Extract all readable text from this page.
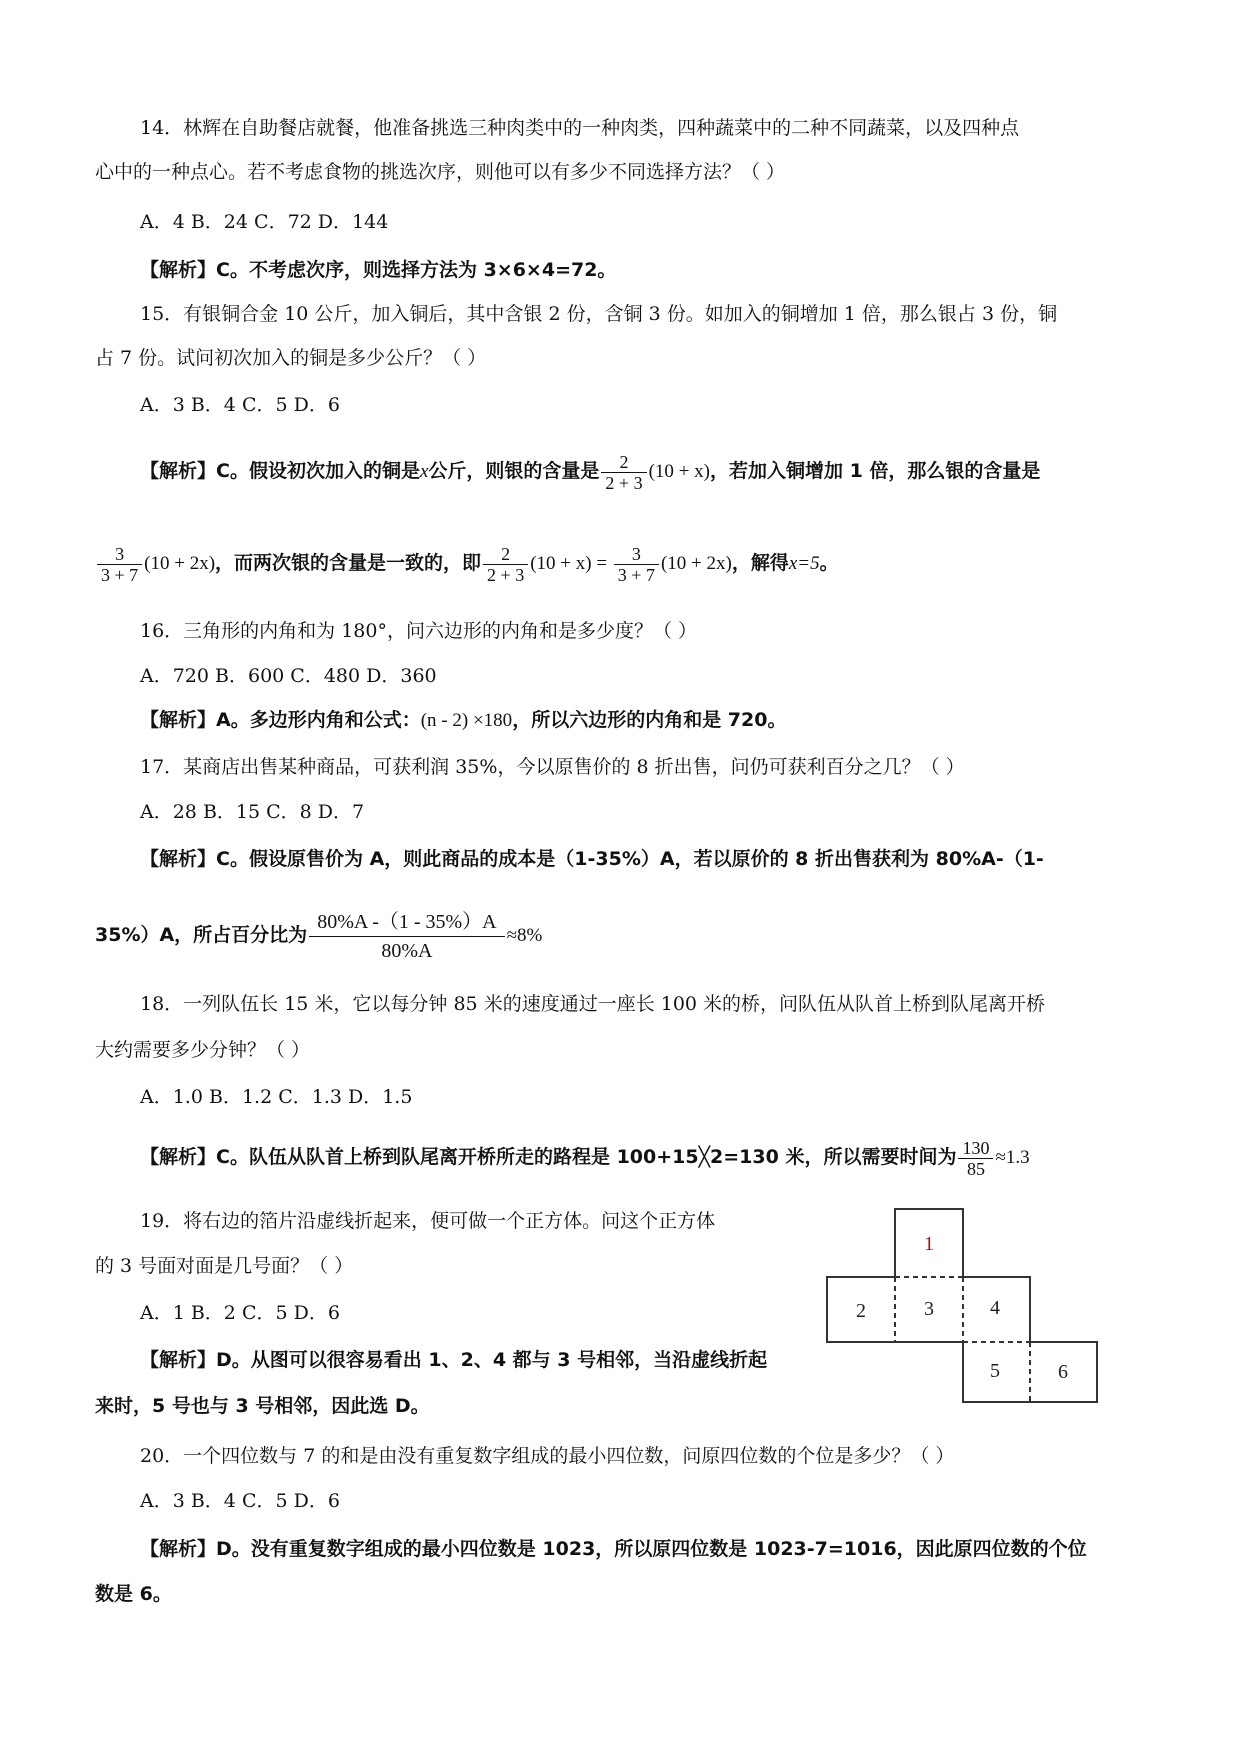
14．林辉在自助餐店就餐，他准备挑选三种肉类中的一种肉类，四种蔬菜中的二种不同蔬菜，以及四种点
心中的一种点心。若不考虑食物的挑选次序，则他可以有多少不同选择方法？（ ）
A．4 B．24 C．72 D．144
【解析】C。不考虑次序，则选择方法为 3×6×4=72。
15．有银铜合金 10 公斤，加入铜后，其中含银 2 份，含铜 3 份。如加入的铜增加 1 倍，那么银占 3 份，铜
占 7 份。试问初次加入的铜是多少公斤？（ ）
A．3 B．4 C．5 D．6
【解析】C。假设初次加入的铜是x公斤，则银的含量是 $\frac{2}{2 + 3} (10 + x)$，若加入铜增加 1 倍，那么银的含量是
$\frac{3}{3 + 7} (10 + 2x)$，而两次银的含量是一致的，即 $\frac{2}{2 + 3} (10 + x) = \frac{3}{3 + 7} (10 + 2x)$，解得x=5。
16．三角形的内角和为 180°，问六边形的内角和是多少度？（ ）
A．720 B．600 C．480 D．360
【解析】A。多边形内角和公式：(n - 2) ×180，所以六边形的内角和是 720。
17．某商店出售某种商品，可获利润 35%，今以原售价的 8 折出售，问仍可获利百分之几？（ ）
A．28 B．15 C．8 D．7
【解析】C。假设原售价为 A，则此商品的成本是（1-35%）A，若以原价的 8 折出售获利为 80%A-（1-
35%）A，所占百分比为 $\frac{80\%A -(1 - 35\%)A}{80\%A} \approx 8\%$
18．一列队伍长 15 米，它以每分钟 85 米的速度通过一座长 100 米的桥，问队伍从队首上桥到队尾离开桥
大约需要多少分钟？（ ）
A．1.0 B．1.2 C．1.3 D．1.5
【解析】C。队伍从队首上桥到队尾离开桥所走的路程是 100+15╳2=130 米，所以需要时间为 $\frac{130}{85} \approx 1.3$
19．将右边的箔片沿虚线折起来，便可做一个正方体。问这个正方体
的 3 号面对面是几号面？（ ）
A．1 B．2 C．5 D．6
【解析】D。从图可以很容易看出 1、2、4 都与 3 号相邻，当沿虚线折起
来时，5 号也与 3 号相邻，因此选 D。
1
2	3	4
5	6
20．一个四位数与 7 的和是由没有重复数字组成的最小四位数，问原四位数的个位是多少？（ ）
A．3 B．4 C．5 D．6
【解析】D。没有重复数字组成的最小四位数是 1023，所以原四位数是 1023-7=1016，因此原四位数的个位
数是 6。
